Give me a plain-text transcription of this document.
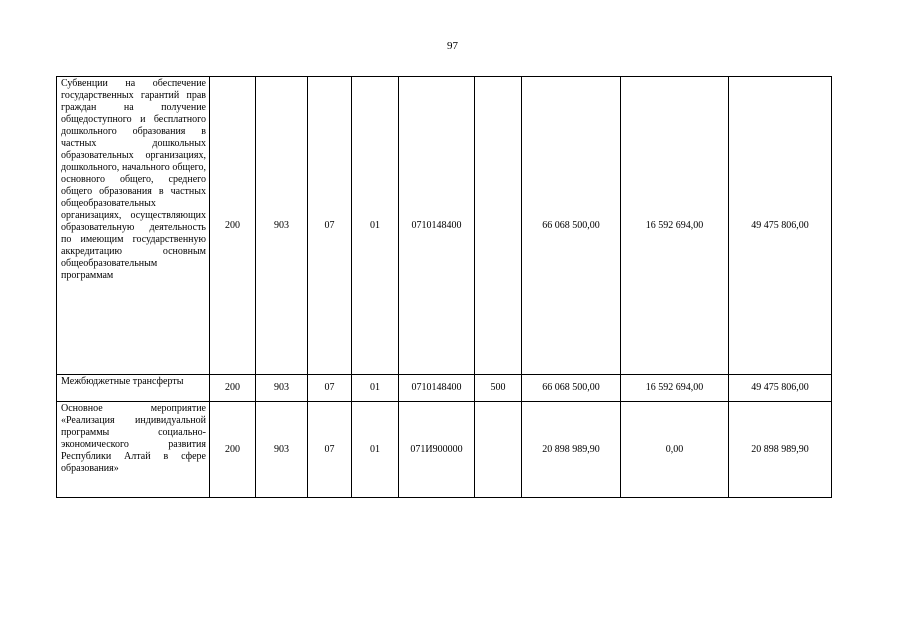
97
Субвенции на обеспечение государственных гарантий прав граждан на получение общедоступного и бесплатного дошкольного образования в частных дошкольных образовательных организациях, дошкольного, начального общего, основного общего, среднего общего образования в частных общеобразовательных организациях, осуществляющих образовательную деятельность по имеющим государственную аккредитацию основным общеобразовательным программам	200	903	07	01	0710148400		66 068 500,00	16 592 694,00	49 475 806,00
Межбюджетные трансферты	200	903	07	01	0710148400	500	66 068 500,00	16 592 694,00	49 475 806,00
Основное мероприятие «Реализация индивидуальной программы социально-экономического развития Республики Алтай в сфере образования»	200	903	07	01	071И900000		20 898 989,90	0,00	20 898 989,90
